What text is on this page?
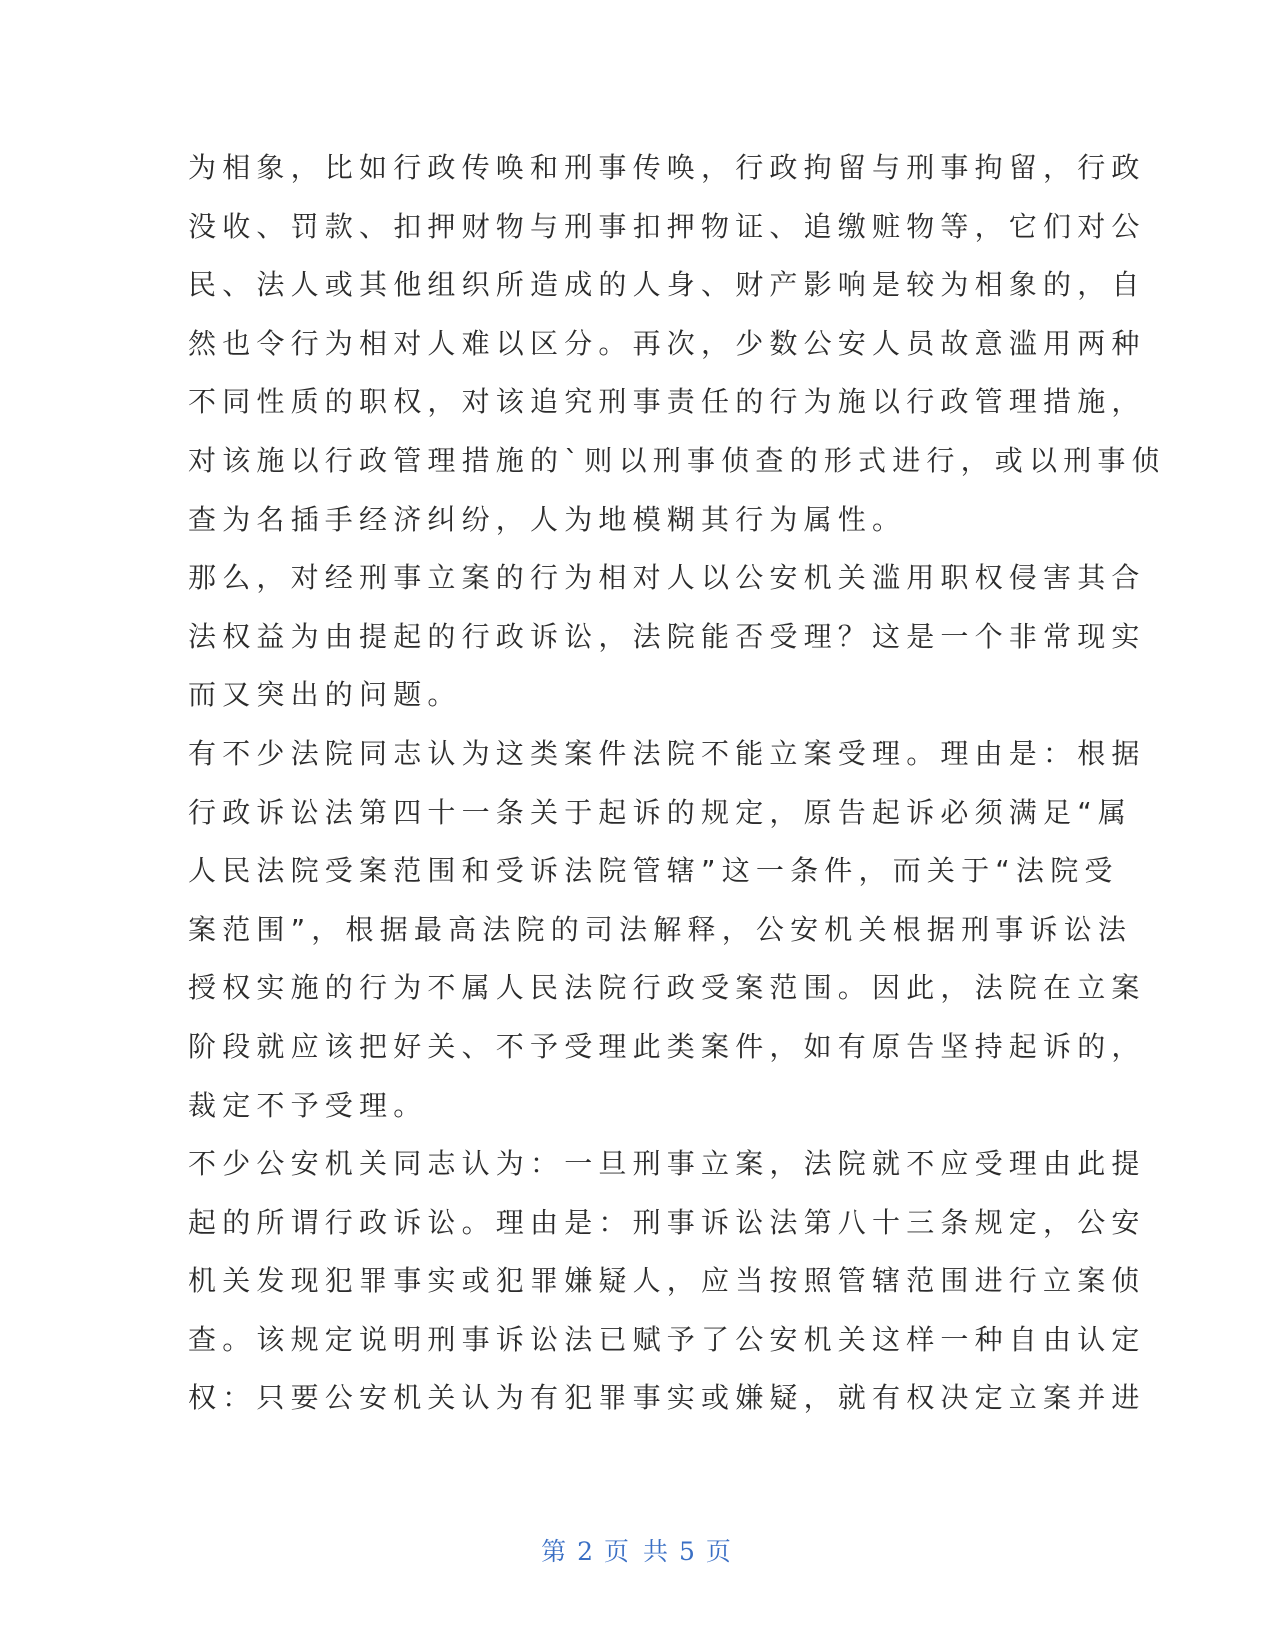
为相象，比如行政传唤和刑事传唤，行政拘留与刑事拘留，行政
没收、罚款、扣押财物与刑事扣押物证、追缴赃物等，它们对公
民、法人或其他组织所造成的人身、财产影响是较为相象的，自
然也令行为相对人难以区分。再次，少数公安人员故意滥用两种
不同性质的职权，对该追究刑事责任的行为施以行政管理措施，
对该施以行政管理措施的`则以刑事侦查的形式进行，或以刑事侦
查为名插手经济纠纷，人为地模糊其行为属性。

那么，对经刑事立案的行为相对人以公安机关滥用职权侵害其合
法权益为由提起的行政诉讼，法院能否受理？这是一个非常现实
而又突出的问题。

有不少法院同志认为这类案件法院不能立案受理。理由是：根据
行政诉讼法第四十一条关于起诉的规定，原告起诉必须满足“属
人民法院受案范围和受诉法院管辖”这一条件，而关于“法院受
案范围”，根据最高法院的司法解释，公安机关根据刑事诉讼法
授权实施的行为不属人民法院行政受案范围。因此，法院在立案
阶段就应该把好关、不予受理此类案件，如有原告坚持起诉的，
裁定不予受理。

不少公安机关同志认为：一旦刑事立案，法院就不应受理由此提
起的所谓行政诉讼。理由是：刑事诉讼法第八十三条规定，公安
机关发现犯罪事实或犯罪嫌疑人，应当按照管辖范围进行立案侦
查。该规定说明刑事诉讼法已赋予了公安机关这样一种自由认定
权：只要公安机关认为有犯罪事实或嫌疑，就有权决定立案并进

第 2 页 共 5 页
